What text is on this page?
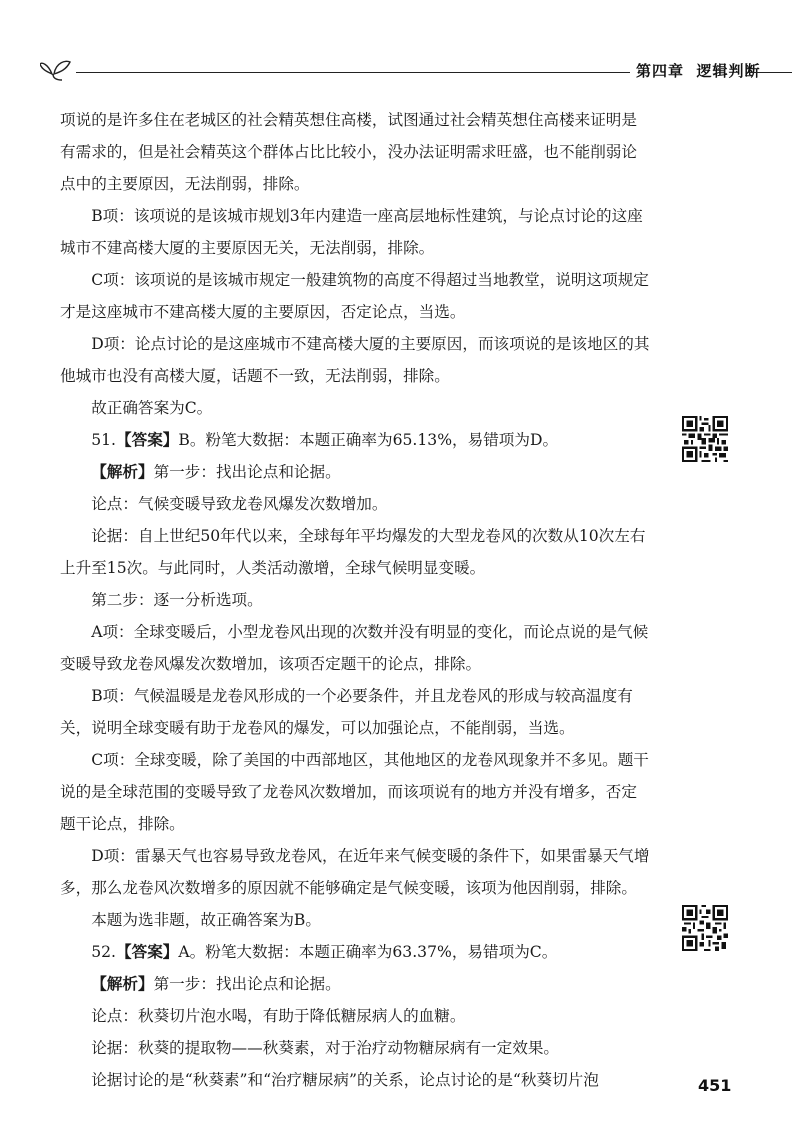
第四章 逻辑判断

项说的是许多住在老城区的社会精英想住高楼，试图通过社会精英想住高楼来证明是有需求的，但是社会精英这个群体占比比较小，没办法证明需求旺盛，也不能削弱论点中的主要原因，无法削弱，排除。

B项：该项说的是该城市规划3年内建造一座高层地标性建筑，与论点讨论的这座城市不建高楼大厦的主要原因无关，无法削弱，排除。

C项：该项说的是该城市规定一般建筑物的高度不得超过当地教堂，说明这项规定才是这座城市不建高楼大厦的主要原因，否定论点，当选。

D项：论点讨论的是这座城市不建高楼大厦的主要原因，而该项说的是该地区的其他城市也没有高楼大厦，话题不一致，无法削弱，排除。

故正确答案为C。

51.【答案】B。粉笔大数据：本题正确率为65.13%，易错项为D。

【解析】第一步：找出论点和论据。

论点：气候变暖导致龙卷风爆发次数增加。

论据：自上世纪50年代以来，全球每年平均爆发的大型龙卷风的次数从10次左右上升至15次。与此同时，人类活动激增，全球气候明显变暖。

第二步：逐一分析选项。

A项：全球变暖后，小型龙卷风出现的次数并没有明显的变化，而论点说的是气候变暖导致龙卷风爆发次数增加，该项否定题干的论点，排除。

B项：气候温暖是龙卷风形成的一个必要条件，并且龙卷风的形成与较高温度有关，说明全球变暖有助于龙卷风的爆发，可以加强论点，不能削弱，当选。

C项：全球变暖，除了美国的中西部地区，其他地区的龙卷风现象并不多见。题干说的是全球范围的变暖导致了龙卷风次数增加，而该项说有的地方并没有增多，否定题干论点，排除。

D项：雷暴天气也容易导致龙卷风，在近年来气候变暖的条件下，如果雷暴天气增多，那么龙卷风次数增多的原因就不能够确定是气候变暖，该项为他因削弱，排除。

本题为选非题，故正确答案为B。

52.【答案】A。粉笔大数据：本题正确率为63.37%，易错项为C。

【解析】第一步：找出论点和论据。

论点：秋葵切片泡水喝，有助于降低糖尿病人的血糖。

论据：秋葵的提取物——秋葵素，对于治疗动物糖尿病有一定效果。

论据讨论的是“秋葵素”和“治疗糖尿病”的关系，论点讨论的是“秋葵切片泡	451
